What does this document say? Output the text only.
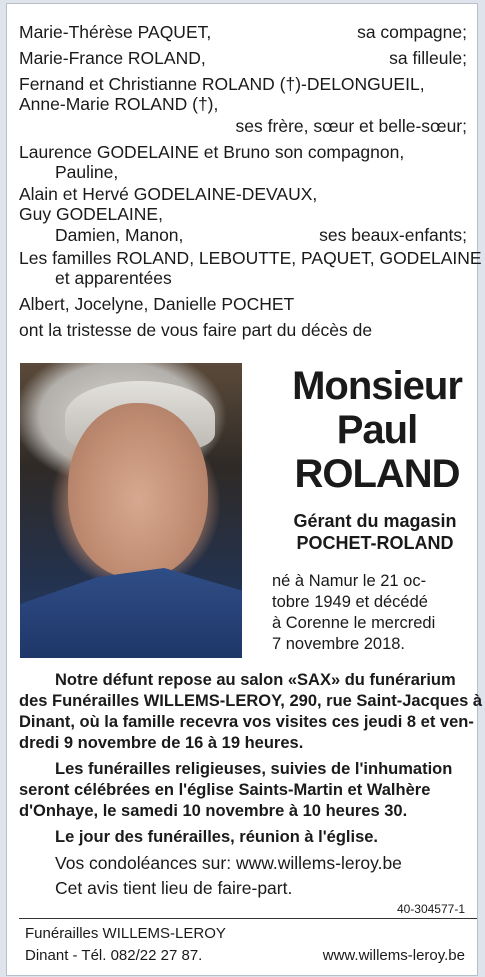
Marie-Thérèse PAQUET,	sa compagne;
Marie-France ROLAND,	sa filleule;
Fernand et Christianne ROLAND (†)-DELONGUEIL,
Anne-Marie ROLAND (†),
ses frère, sœur et belle-sœur;
Laurence GODELAINE et Bruno son compagnon,
Pauline,
Alain et Hervé GODELAINE-DEVAUX,
Guy GODELAINE,
Damien, Manon,	ses beaux-enfants;
Les familles ROLAND, LEBOUTTE, PAQUET, GODELAINE
et apparentées
Albert, Jocelyne, Danielle POCHET
ont la tristesse de vous faire part du décès de
Monsieur
Paul
ROLAND
Gérant du magasin
POCHET-ROLAND
né à Namur le 21 oc-
tobre 1949 et décédé
à Corenne le mercredi
7 novembre 2018.
Notre défunt repose au salon «SAX» du funérarium
des Funérailles WILLEMS-LEROY, 290, rue Saint-Jacques à
Dinant, où la famille recevra vos visites ces jeudi 8 et ven-
dredi 9 novembre de 16 à 19 heures.
Les funérailles religieuses, suivies de l'inhumation
seront célébrées en l'église Saints-Martin et Walhère
d'Onhaye, le samedi 10 novembre à 10 heures 30.
Le jour des funérailles, réunion à l'église.
Vos condoléances sur: www.willems-leroy.be
Cet avis tient lieu de faire-part.
40-304577-1
Funérailles WILLEMS-LEROY
Dinant - Tél. 082/22 27 87.	www.willems-leroy.be
